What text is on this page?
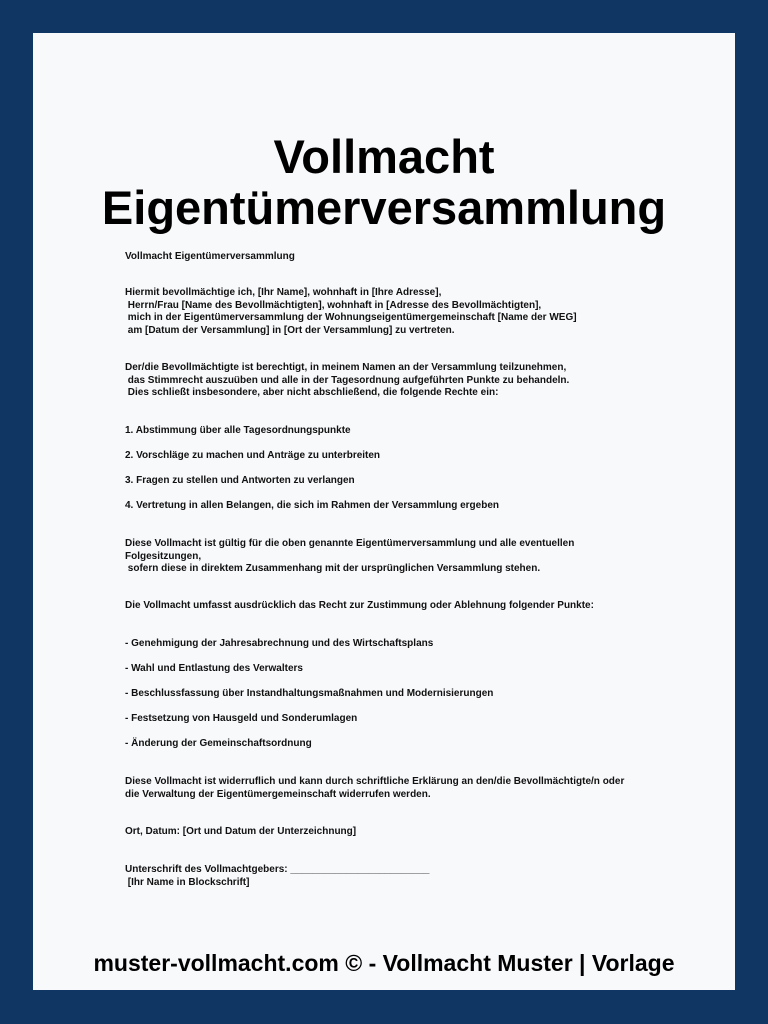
Vollmacht
Eigentümerversammlung
Vollmacht Eigentümerversammlung
Hiermit bevollmächtige ich, [Ihr Name], wohnhaft in [Ihre Adresse],
Herrn/Frau [Name des Bevollmächtigten], wohnhaft in [Adresse des Bevollmächtigten],
mich in der Eigentümerversammlung der Wohnungseigentümergemeinschaft [Name der WEG]
am [Datum der Versammlung] in [Ort der Versammlung] zu vertreten.
Der/die Bevollmächtigte ist berechtigt, in meinem Namen an der Versammlung teilzunehmen,
das Stimmrecht auszuüben und alle in der Tagesordnung aufgeführten Punkte zu behandeln.
Dies schließt insbesondere, aber nicht abschließend, die folgende Rechte ein:
1. Abstimmung über alle Tagesordnungspunkte
2. Vorschläge zu machen und Anträge zu unterbreiten
3. Fragen zu stellen und Antworten zu verlangen
4. Vertretung in allen Belangen, die sich im Rahmen der Versammlung ergeben
Diese Vollmacht ist gültig für die oben genannte Eigentümerversammlung und alle eventuellen
Folgesitzungen,
sofern diese in direktem Zusammenhang mit der ursprünglichen Versammlung stehen.
Die Vollmacht umfasst ausdrücklich das Recht zur Zustimmung oder Ablehnung folgender Punkte:
- Genehmigung der Jahresabrechnung und des Wirtschaftsplans
- Wahl und Entlastung des Verwalters
- Beschlussfassung über Instandhaltungsmaßnahmen und Modernisierungen
- Festsetzung von Hausgeld und Sonderumlagen
- Änderung der Gemeinschaftsordnung
Diese Vollmacht ist widerruflich und kann durch schriftliche Erklärung an den/die Bevollmächtigte/n oder
die Verwaltung der Eigentümergemeinschaft widerrufen werden.
Ort, Datum: [Ort und Datum der Unterzeichnung]
Unterschrift des Vollmachtgebers: _________________________
[Ihr Name in Blockschrift]
muster-vollmacht.com © - Vollmacht Muster | Vorlage
